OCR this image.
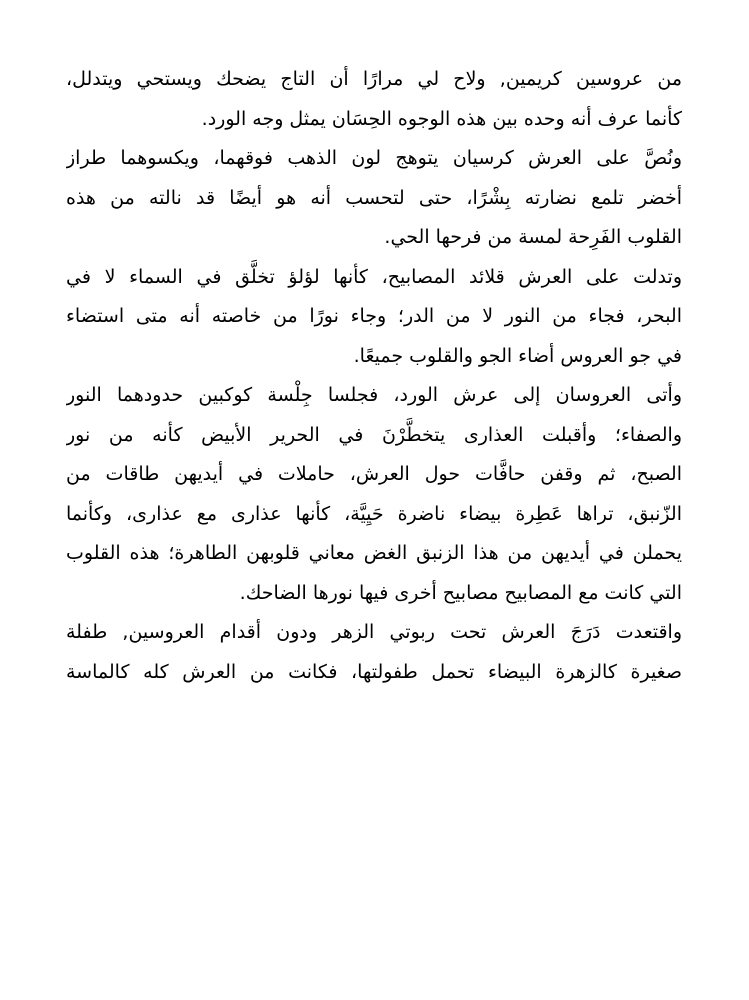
من عروسين كريمين, ولاح لي مرارًا أن التاج يضحك ويستحي ويتدلل،
كأنما عرف أنه وحده بين هذه الوجوه الحِسَان يمثل وجه الورد.
ونُصَّ على العرش كرسيان يتوهج لون الذهب فوقهما، ويكسوهما طراز
أخضر تلمع نضارته بِشْرًا، حتى لتحسب أنه هو أيضًا قد نالته من هذه
القلوب الفَرِحة لمسة من فرحها الحي.
وتدلت على العرش قلائد المصابيح، كأنها لؤلؤ تخلَّق في السماء لا في
البحر، فجاء من النور لا من الدر؛ وجاء نورًا من خاصته أنه متى استضاء
في جو العروس أضاء الجو والقلوب جميعًا.
وأتى العروسان إلى عرش الورد، فجلسا جِلْسة كوكبين حدودهما النور
والصفاء؛ وأقبلت العذارى يتخطَّرْنَ في الحرير الأبيض كأنه من نور
الصبح، ثم وقفن حافَّات حول العرش، حاملات في أيديهن طاقات من
الزّنبق، تراها عَطِرة بيضاء ناضرة حَيِيَّة، كأنها عذارى مع عذارى، وكأنما
يحملن في أيديهن من هذا الزنبق الغض معاني قلوبهن الطاهرة؛ هذه القلوب
التي كانت مع المصابيح مصابيح أخرى فيها نورها الضاحك.
واقتعدت دَرَجَ العرش تحت ربوتي الزهر ودون أقدام العروسين, طفلة
صغيرة كالزهرة البيضاء تحمل طفولتها، فكانت من العرش كله كالماسة
